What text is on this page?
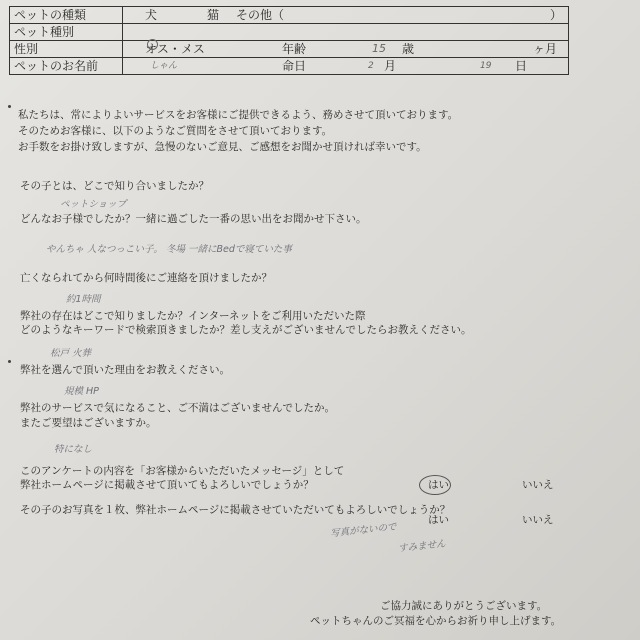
ペットの種類	犬	猫 その他（	）
ペット種別
性別	オス・メス	年齢	15 歳	ヶ月
ペットのお名前	しゃん	命日	2 月	19 日
私たちは、常によりよいサービスをお客様にご提供できるよう、務めさせて頂いております。
そのためお客様に、以下のようなご質問をさせて頂いております。
お手数をお掛け致しますが、急慢のないご意見、ご感想をお聞かせ頂ければ幸いです。
その子とは、どこで知り合いましたか？
ペットショップ
どんなお子様でしたか？一緒に過ごした一番の思い出をお聞かせ下さい。
やんちゃ 人なつっこい子。 冬場 一緒にBedで寝ていた事
亡くなられてから何時間後にご連絡を頂けましたか？
約1時間
弊社の存在はどこで知りましたか？インターネットをご利用いただいた際
どのようなキーワードで検索頂きましたか？差し支えがございませんでしたらお教えください。
松戸 火葬
弊社を選んで頂いた理由をお教えください。
規模 HP
弊社のサービスで気になること、ご不満はございませんでしたか。
またご要望はございますか。
特になし
このアンケートの内容を「お客様からいただいたメッセージ」として
弊社ホームページに掲載させて頂いてもよろしいでしょうか？	はい	いいえ
その子のお写真を１枚、弊社ホームページに掲載させていただいてもよろしいでしょうか？
はい	いいえ
写真がないので
すみません
ご協力誠にありがとうございます。
ペットちゃんのご冥福を心からお祈り申し上げます。
